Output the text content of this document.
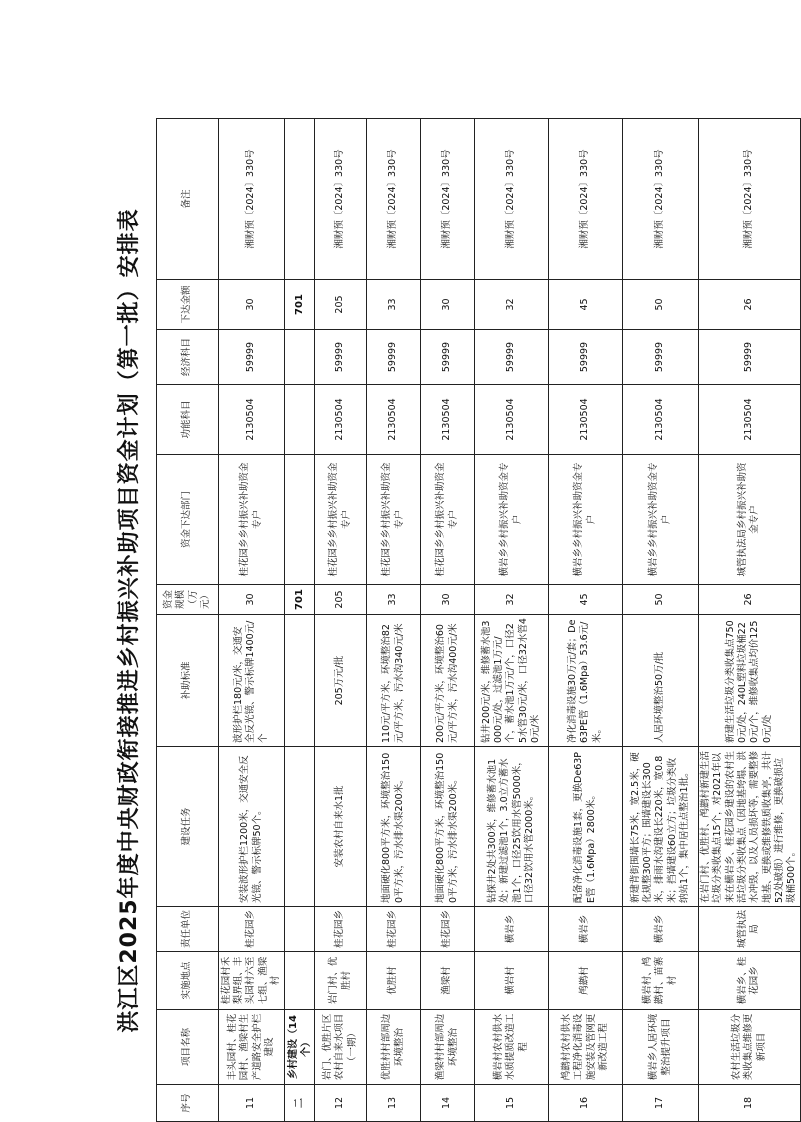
洪江区2025年度中央财政衔接推进乡村振兴补助项目资金计划（第一批）安排表
序号	项目名称	实施地点	责任单位	建设任务	补助标准	资金规模（万元）	资金下达部门	功能科目	经济科目	下达金额	备注
11	丰头园村、桂花园村、渔梁村生产道路安全护栏建设	桂花园村禾梨界组、丰头园村六至七组、渔梁村	桂花园乡	安装波形护栏1200米，交通安全反光镜、警示标牌50个。	波形护栏180元/米，交通安全反光镜、警示标牌1400元/个	30	桂花园乡乡村振兴补助资金专户	2130504	59999	30	湘财预〔2024〕330号
二	乡村建设（14个）					701				701	
12	岩门、优胜片区农村自来水项目（一期）	岩门村、优胜村	桂花园乡	安装农村自来水1批	205万元/批	205	桂花园乡乡村振兴补助资金专户	2130504	59999	205	湘财预〔2024〕330号
13	优胜村村部周边环境整治	优胜村	桂花园乡	地面硬化800平方米，环境整治1500平方米，污水排水渠200米。	110元/平方米，环境整治82元/平方米，污水沟340元/米	33	桂花园乡乡村振兴补助资金专户	2130504	59999	33	湘财预〔2024〕330号
14	渔梁村村部周边环境整治	渔梁村	桂花园乡	地面硬化800平方米，环境整治1500平方米，污水排水渠200米。	200元/平方米，环境整治60元/平方米，污水沟400元/米	30	桂花园乡乡村振兴补助资金专户	2130504	59999	30	湘财预〔2024〕330号
15	横岩村农村供水水质提质改造工程	横岩村	横岩乡	钻探井2处共300米，维修蓄水池1处；新建过滤池1个，3.0立方蓄水池1个，口径25饮用水管5000米，口径32饮用水管2000米。	钻井200元/米，维修蓄水池3000元/处，过滤池1万元/个，蓄水池1万元/个，口径25水管30元/米，口径32水管40元/米	32	横岩乡乡村振兴补助资金专户	2130504	59999	32	湘财预〔2024〕330号
16	鸬鹚村农村供水工程净化消毒设施安装及管网更新改造工程	鸬鹚村	横岩乡	配备净化消毒设施1套，更换De63PE管（1.6Mpa）2800米。	净化消毒设施30万元/套；De63PE管（1.6Mpa）53.6元/米。	45	横岩乡乡村振兴补助资金专户	2130504	59999	45	湘财预〔2024〕330号
17	横岩乡人居环境整治提升项目	横岩村、鸬鹚村、苗寨村	横岩乡	新建背街围墙长75米，宽2.5米，硬化规整300平方；围墙建设长300米，排雨水沟建设长220米，宽0.8米；挡墙建设60立方；垃圾分类收纳站1个，集中居住点整治1批。	人居环境整治50万/批	50	横岩乡乡村振兴补助资金专户	2130504	59999	50	湘财预〔2024〕330号
18	农村生活垃圾分类收集点维修更新项目	横岩乡、桂花园乡	城管执法局	在岩门村、优胜村、鸬鹚村新建生活垃圾分类收集点15个，对2021年以来在横岩乡、桂花园乡建设的农村生活垃圾分类收集点（因地基垮塌、洪水冲毁，以及人员损坏等，需要整修地基、更换或维修铁质收集亭，共计52处破损）进行维修，更换破损垃圾桶500个。	新建生活垃圾分类收集点7500元/处，240L塑料垃圾桶220元/个，维修收集点均价1250元/处	26	城管执法局乡村振兴补助资金专户	2130504	59999	26	湘财预〔2024〕330号
